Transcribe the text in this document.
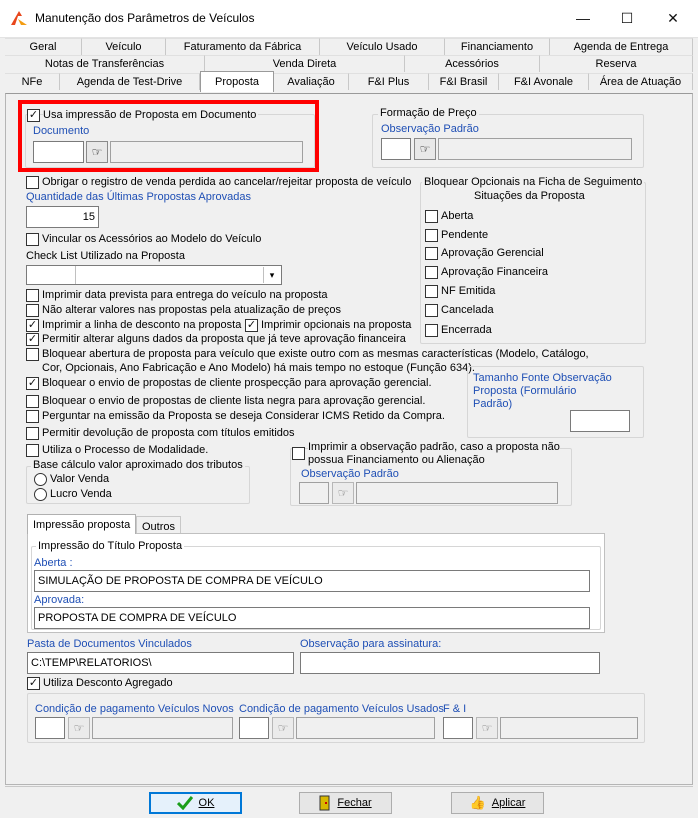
Manutenção dos Parâmetros de Veículos	—	☐	✕
Geral	Veículo	Faturamento da Fábrica	Veículo Usado	Financiamento	Agenda de Entrega
Notas de Transferências	Venda Direta	Acessórios	Reserva
NFe	Agenda de Test-Drive	Proposta	Avaliação	F&I Plus	F&I Brasil	F&I Avonale	Área de Atuação
✓ Usa impressão de Proposta em Documento
Documento
☞
Formação de Preço
Observação Padrão
☞
Obrigar o registro de venda perdida ao cancelar/rejeitar proposta de veículo
Quantidade das Últimas Propostas Aprovadas
15
Vincular os Acessórios ao Modelo do Veículo
Check List Utilizado na Proposta
▾
Imprimir data prevista para entrega do veículo na proposta
Não alterar valores nas propostas pela atualização de preços
✓ Imprimir a linha de desconto na proposta ✓ Imprimir opcionais na proposta
✓ Permitir alterar alguns dados da proposta que já teve aprovação financeira
Bloquear abertura de proposta para veículo que existe outro com as mesmas características (Modelo, Catálogo,
Cor, Opcionais, Ano Fabricação e Ano Modelo) há mais tempo no estoque (Função 634).
✓ Bloquear o envio de propostas de cliente prospecção para aprovação gerencial.
Bloquear o envio de propostas de cliente lista negra para aprovação gerencial.
Perguntar na emissão da Proposta se deseja Considerar ICMS Retido da Compra.
Permitir devolução de proposta com títulos emitidos
Utiliza o Processo de Modalidade.
Bloquear Opcionais na Ficha de Seguimento
Situações da Proposta
Aberta
Pendente
Aprovação Gerencial
Aprovação Financeira
NF Emitida
Cancelada
Encerrada
Tamanho Fonte Observação
Proposta (Formulário
Padrão)
Base cálculo valor aproximado dos tributos
Valor Venda
Lucro Venda
Imprimir a observação padrão, caso a proposta não
possua Financiamento ou Alienação
Observação Padrão
☞
Impressão proposta	Outros
Impressão do Título Proposta
Aberta :
SIMULAÇÃO DE PROPOSTA DE COMPRA DE VEÍCULO
Aprovada:
PROPOSTA DE COMPRA DE VEÍCULO
Pasta de Documentos Vinculados
C:\TEMP\RELATORIOS\
Observação para assinatura:
✓ Utiliza Desconto Agregado
Condição de pagamento Veículos Novos
☞
Condição de pagamento Veículos Usados
☞
F & I
☞
OK	Fechar	👍 Aplicar
